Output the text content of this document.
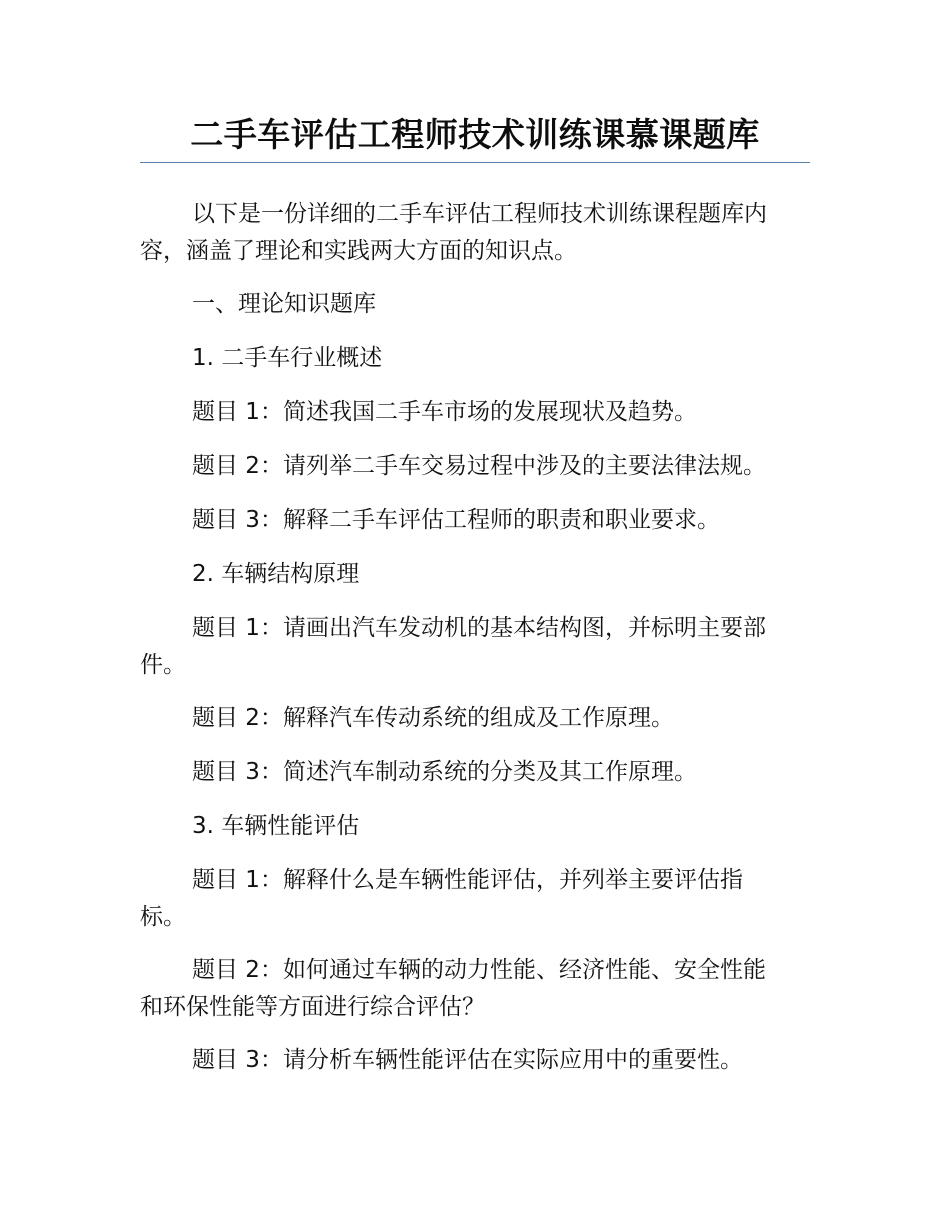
二手车评估工程师技术训练课慕课题库

以下是一份详细的二手车评估工程师技术训练课程题库内
容，涵盖了理论和实践两大方面的知识点。

一、理论知识题库

1. 二手车行业概述

题目 1：简述我国二手车市场的发展现状及趋势。

题目 2：请列举二手车交易过程中涉及的主要法律法规。

题目 3：解释二手车评估工程师的职责和职业要求。

2. 车辆结构原理

题目 1：请画出汽车发动机的基本结构图，并标明主要部
件。

题目 2：解释汽车传动系统的组成及工作原理。

题目 3：简述汽车制动系统的分类及其工作原理。

3. 车辆性能评估

题目 1：解释什么是车辆性能评估，并列举主要评估指
标。

题目 2：如何通过车辆的动力性能、经济性能、安全性能
和环保性能等方面进行综合评估？

题目 3：请分析车辆性能评估在实际应用中的重要性。
